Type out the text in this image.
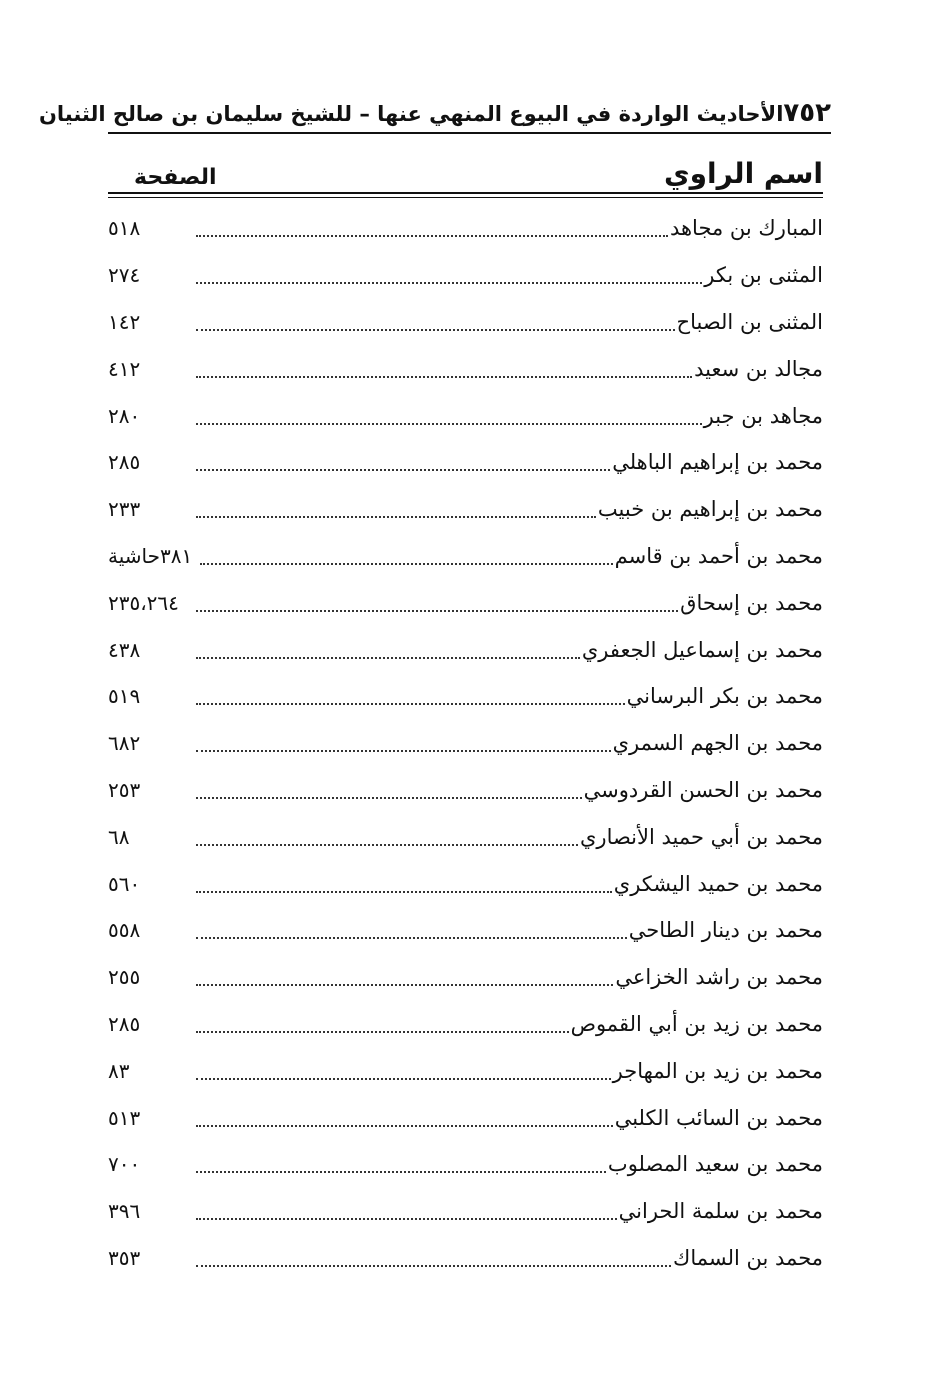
٧٥٢
الأحاديث الواردة في البيوع المنهي عنها – للشيخ سليمان بن صالح الثنيان
اسم الراوي
الصفحة
المبارك بن مجاهد
٥١٨
المثنى بن بكر
٢٧٤
المثنى بن الصباح
١٤٢
مجالد بن سعيد
٤١٢
مجاهد بن جبر
٢٨٠
محمد بن إبراهيم الباهلي
٢٨٥
محمد بن إبراهيم بن خبيب
٢٣٣
محمد بن أحمد بن قاسم
٣٨١حاشية
محمد بن إسحاق
٢٣٥،٢٦٤
محمد بن إسماعيل الجعفري
٤٣٨
محمد بن بكر البرساني
٥١٩
محمد بن الجهم السمري
٦٨٢
محمد بن الحسن القردوسي
٢٥٣
محمد بن أبي حميد الأنصاري
٦٨
محمد بن حميد اليشكري
٥٦٠
محمد بن دينار الطاحي
٥٥٨
محمد بن راشد الخزاعي
٢٥٥
محمد بن زيد بن أبي القموص
٢٨٥
محمد بن زيد بن المهاجر
٨٣
محمد بن السائب الكلبي
٥١٣
محمد بن سعيد المصلوب
٧٠٠
محمد بن سلمة الحراني
٣٩٦
محمد بن السماك
٣٥٣
